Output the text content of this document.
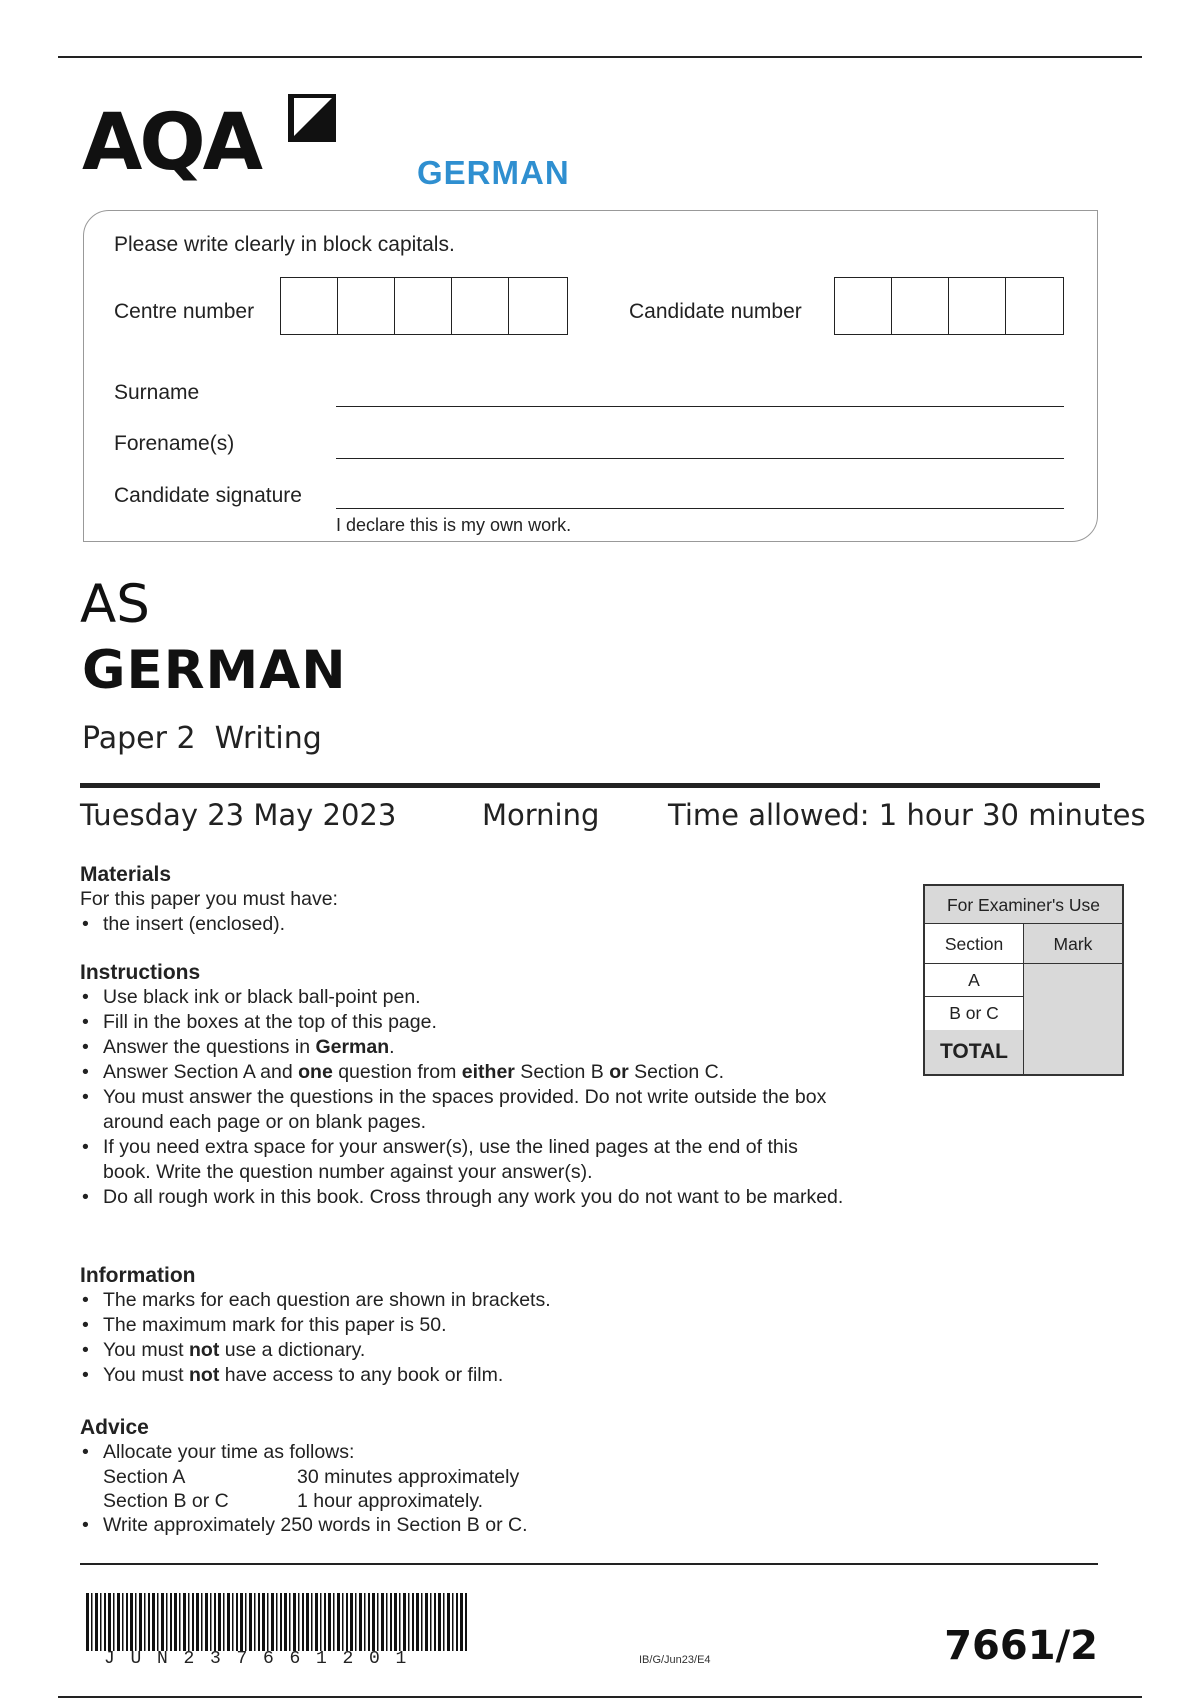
AQA	GERMAN
Please write clearly in block capitals.
Centre number	Candidate number
Surname
Forename(s)
Candidate signature
I declare this is my own work.
AS
GERMAN
Paper 2 Writing
Tuesday 23 May 2023	Morning Time allowed: 1 hour 30 minutes
Materials
For this paper you must have:
• the insert (enclosed).
Instructions
• Use black ink or black ball-point pen.
• Fill in the boxes at the top of this page.
• Answer the questions in German.
• Answer Section A and one question from either Section B or Section C.
• You must answer the questions in the spaces provided. Do not write outside the box around each page or on blank pages.
• If you need extra space for your answer(s), use the lined pages at the end of this book. Write the question number against your answer(s).
• Do all rough work in this book. Cross through any work you do not want to be marked.
Information
• The marks for each question are shown in brackets.
• The maximum mark for this paper is 50.
• You must not use a dictionary.
• You must not have access to any book or film.
Advice
• Allocate your time as follows:
Section A	30 minutes approximately
Section B or C	1 hour approximately.
• Write approximately 250 words in Section B or C.
For Examiner's Use
Section	Mark
A
B or C
TOTAL
JUN237661201	IB/G/Jun23/E4	7661/2
